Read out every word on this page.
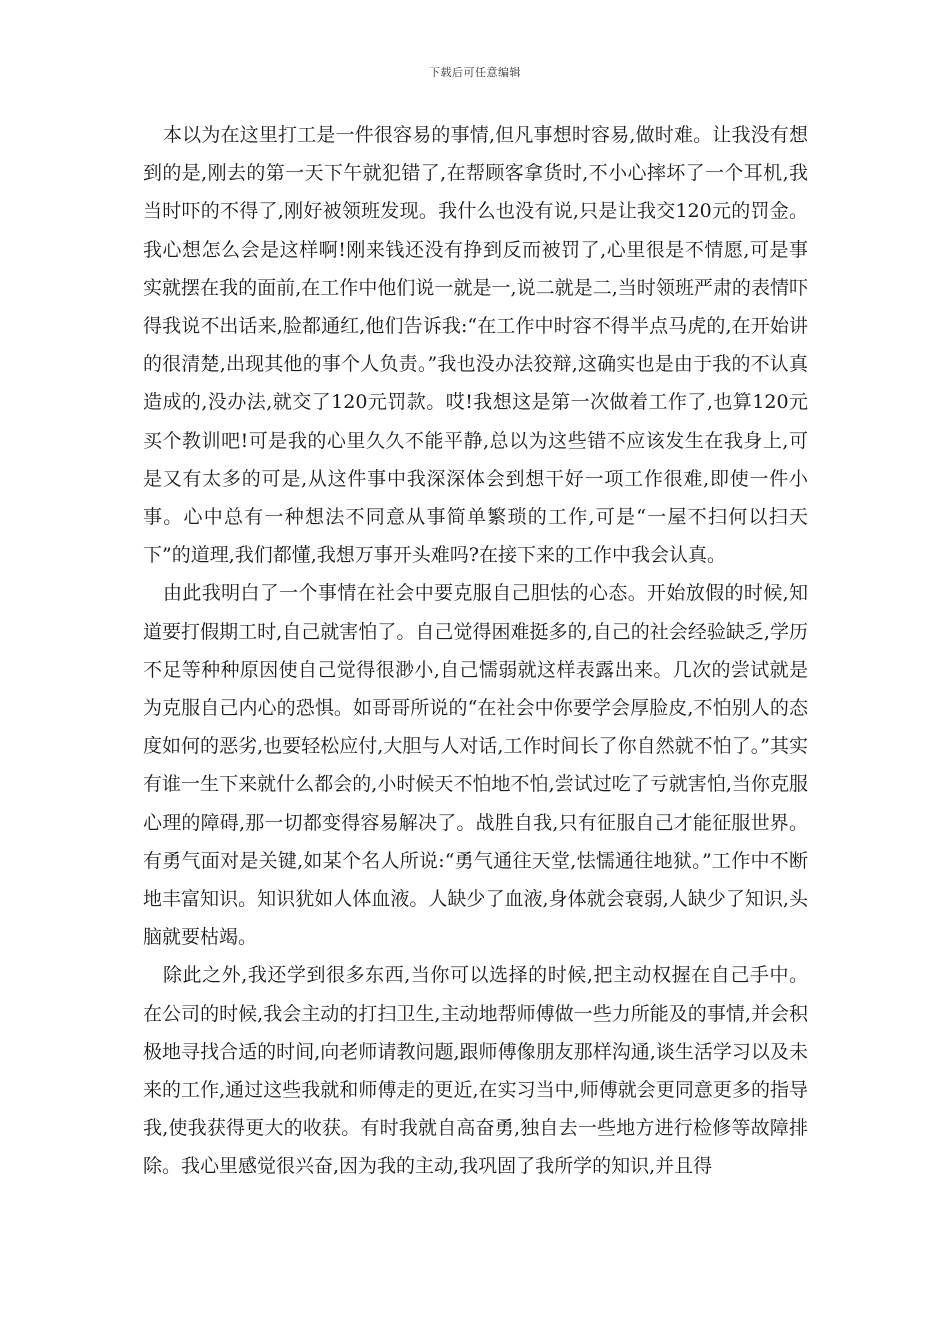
下载后可任意编辑

本以为在这里打工是一件很容易的事情,但凡事想时容易,做时难。让我没有想到的是,刚去的第一天下午就犯错了,在帮顾客拿货时,不小心摔坏了一个耳机,我当时吓的不得了,刚好被领班发现。我什么也没有说,只是让我交120元的罚金。我心想怎么会是这样啊!刚来钱还没有挣到反而被罚了,心里很是不情愿,可是事实就摆在我的面前,在工作中他们说一就是一,说二就是二,当时领班严肃的表情吓得我说不出话来,脸都通红,他们告诉我:“在工作中时容不得半点马虎的,在开始讲的很清楚,出现其他的事个人负责。”我也没办法狡辩,这确实也是由于我的不认真造成的,没办法,就交了120元罚款。哎!我想这是第一次做着工作了,也算120元买个教训吧!可是我的心里久久不能平静,总以为这些错不应该发生在我身上,可是又有太多的可是,从这件事中我深深体会到想干好一项工作很难,即使一件小事。心中总有一种想法不同意从事简单繁琐的工作,可是“一屋不扫何以扫天下”的道理,我们都懂,我想万事开头难吗?在接下来的工作中我会认真。

由此我明白了一个事情在社会中要克服自己胆怯的心态。开始放假的时候,知道要打假期工时,自己就害怕了。自己觉得困难挺多的,自己的社会经验缺乏,学历不足等种种原因使自己觉得很渺小,自己懦弱就这样表露出来。几次的尝试就是为克服自己内心的恐惧。如哥哥所说的“在社会中你要学会厚脸皮,不怕别人的态度如何的恶劣,也要轻松应付,大胆与人对话,工作时间长了你自然就不怕了。”其实有谁一生下来就什么都会的,小时候天不怕地不怕,尝试过吃了亏就害怕,当你克服心理的障碍,那一切都变得容易解决了。战胜自我,只有征服自己才能征服世界。有勇气面对是关键,如某个名人所说:“勇气通往天堂,怯懦通往地狱。”工作中不断地丰富知识。知识犹如人体血液。人缺少了血液,身体就会衰弱,人缺少了知识,头脑就要枯竭。

除此之外,我还学到很多东西,当你可以选择的时候,把主动权握在自己手中。在公司的时候,我会主动的打扫卫生,主动地帮师傅做一些力所能及的事情,并会积极地寻找合适的时间,向老师请教问题,跟师傅像朋友那样沟通,谈生活学习以及未来的工作,通过这些我就和师傅走的更近,在实习当中,师傅就会更同意更多的指导我,使我获得更大的收获。有时我就自高奋勇,独自去一些地方进行检修等故障排除。我心里感觉很兴奋,因为我的主动,我巩固了我所学的知识,并且得
